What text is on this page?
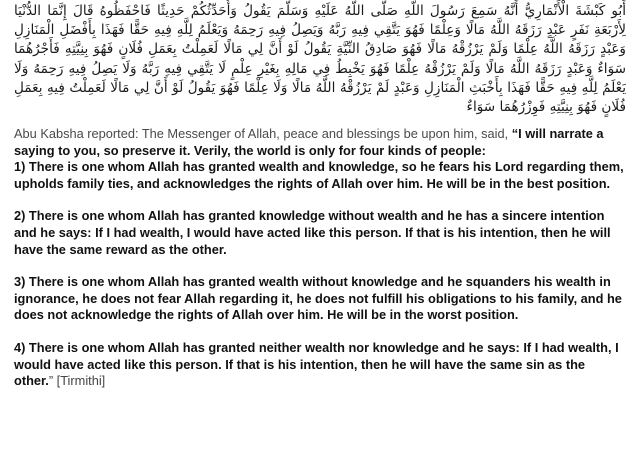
أَبُو كَبْشَةَ الْأَنْمَارِيُّ أَنَّهُ سَمِعَ رَسُولَ اللَّهِ صَلَّى اللَّهُ عَلَيْهِ وَسَلَّمَ يَقُولُ وَأُحَدِّثُكُمْ حَدِيثًا فَاحْفَظُوهُ قَالَ إِنَّمَا الدُّنْيَا لِأَرْبَعَةِ نَفَرٍ عَبْدٍ رَزَقَهُ اللَّهُ مَالًا وَعِلْمًا فَهُوَ يَتَّقِي فِيهِ رَبَّهُ وَيَصِلُ فِيهِ رَحِمَهُ وَيَعْلَمُ لِلَّهِ فِيهِ حَقًّا فَهَذَا بِأَفْضَلِ الْمَنَازِلِ وَعَبْدٍ رَزَقَهُ اللَّهُ عِلْمًا وَلَمْ يَرْزُقْهُ مَالًا فَهُوَ صَادِقُ النِّيَّةِ يَقُولُ لَوْ أَنَّ لِي مَالًا لَعَمِلْتُ بِعَمَلِ فُلَانٍ فَهُوَ بِنِيَّتِهِ فَأَجْرُهُمَا سَوَاءٌ وَعَبْدٍ رَزَقَهُ اللَّهُ مَالًا وَلَمْ يَرْزُقْهُ عِلْمًا فَهُوَ يَخْبِطُ فِي مَالِهِ بِغَيْرِ عِلْمٍ لَا يَتَّقِي فِيهِ رَبَّهُ وَلَا يَصِلُ فِيهِ رَحِمَهُ وَلَا يَعْلَمُ لِلَّهِ فِيهِ حَقًّا فَهَذَا بِأَخْبَثِ الْمَنَازِلِ وَعَبْدٍ لَمْ يَرْزُقْهُ اللَّهُ مَالًا وَلَا عِلْمًا فَهُوَ يَقُولُ لَوْ أَنَّ لِي مَالًا لَعَمِلْتُ فِيهِ بِعَمَلِ فُلَانٍ فَهُوَ بِنِيَّتِهِ فَوِزْرُهُمَا سَوَاءٌ

Abu Kabsha reported: The Messenger of Allah, peace and blessings be upon him, said, “I will narrate a saying to you, so preserve it. Verily, the world is only for four kinds of people:

1) There is one whom Allah has granted wealth and knowledge, so he fears his Lord regarding them, upholds family ties, and acknowledges the rights of Allah over him. He will be in the best position.

2) There is one whom Allah has granted knowledge without wealth and he has a sincere intention and he says: If I had wealth, I would have acted like this person. If that is his intention, then he will have the same reward as the other.

3) There is one whom Allah has granted wealth without knowledge and he squanders his wealth in ignorance, he does not fear Allah regarding it, he does not fulfill his obligations to his family, and he does not acknowledge the rights of Allah over him. He will be in the worst position.

4) There is one whom Allah has granted neither wealth nor knowledge and he says: If I had wealth, I would have acted like this person. If that is his intention, then he will have the same sin as the other.” [Tirmithi]
